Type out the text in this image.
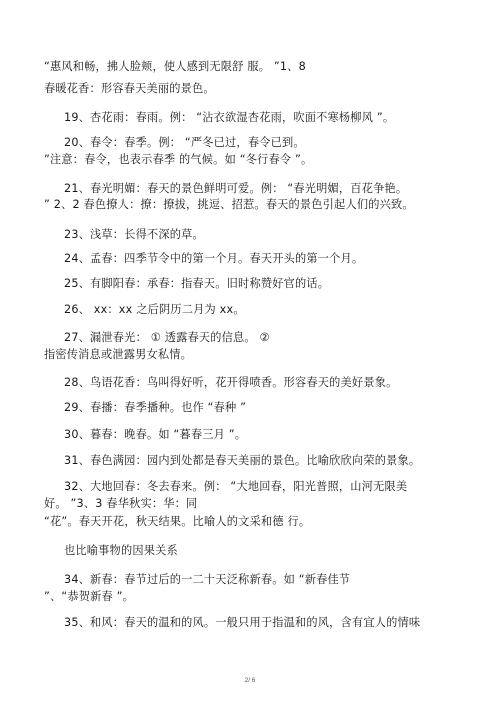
“惠风和畅，拂人脸颊，使人感到无限舒 服。 ”1、8
春暖花香：形容春天美丽的景色。
19、杏花雨：春雨。例： “沾衣欲湿杏花雨，吹面不寒杨柳风 ”。
20、春令：春季。例： “严冬已过，春令已到。
”注意：春令，也表示春季 的气候。如 “冬行春令 ”。
21、春光明媚：春天的景色鲜明可爱。例： “春光明媚，百花争艳。
” 2、2 春色撩人：撩：撩拔，挑逗、招惹。春天的景色引起人们的兴致。
23、浅草：长得不深的草。
24、孟春：四季节令中的第一个月。春天开头的第一个月。
25、有脚阳春：承春：指春天。旧时称赞好官的话。
26、 xx：xx 之后阴历二月为 xx。
27、漏泄春光： ① 透露春天的信息。 ②
指密传消息或泄露男女私情。
28、鸟语花香：鸟叫得好听，花开得喷香。形容春天的美好景象。
29、春播：春季播种。也作 “春种 ”
30、暮春：晚春。如 “暮春三月 ”。
31、春色满园：园内到处都是春天美丽的景色。比喻欣欣向荣的景象。
32、大地回春：冬去春来。例： “大地回春，阳光普照，山河无限美
好。 ”3、3 春华秋实：华：同
“花”。春天开花，秋天结果。比喻人的文采和德 行。
也比喻事物的因果关系
34、新春：春节过后的一二十天泛称新春。如 “新春佳节
”、“恭贺新春 ”。
35、和风：春天的温和的风。一般只用于指温和的风，含有宜人的情味
2/ 6
